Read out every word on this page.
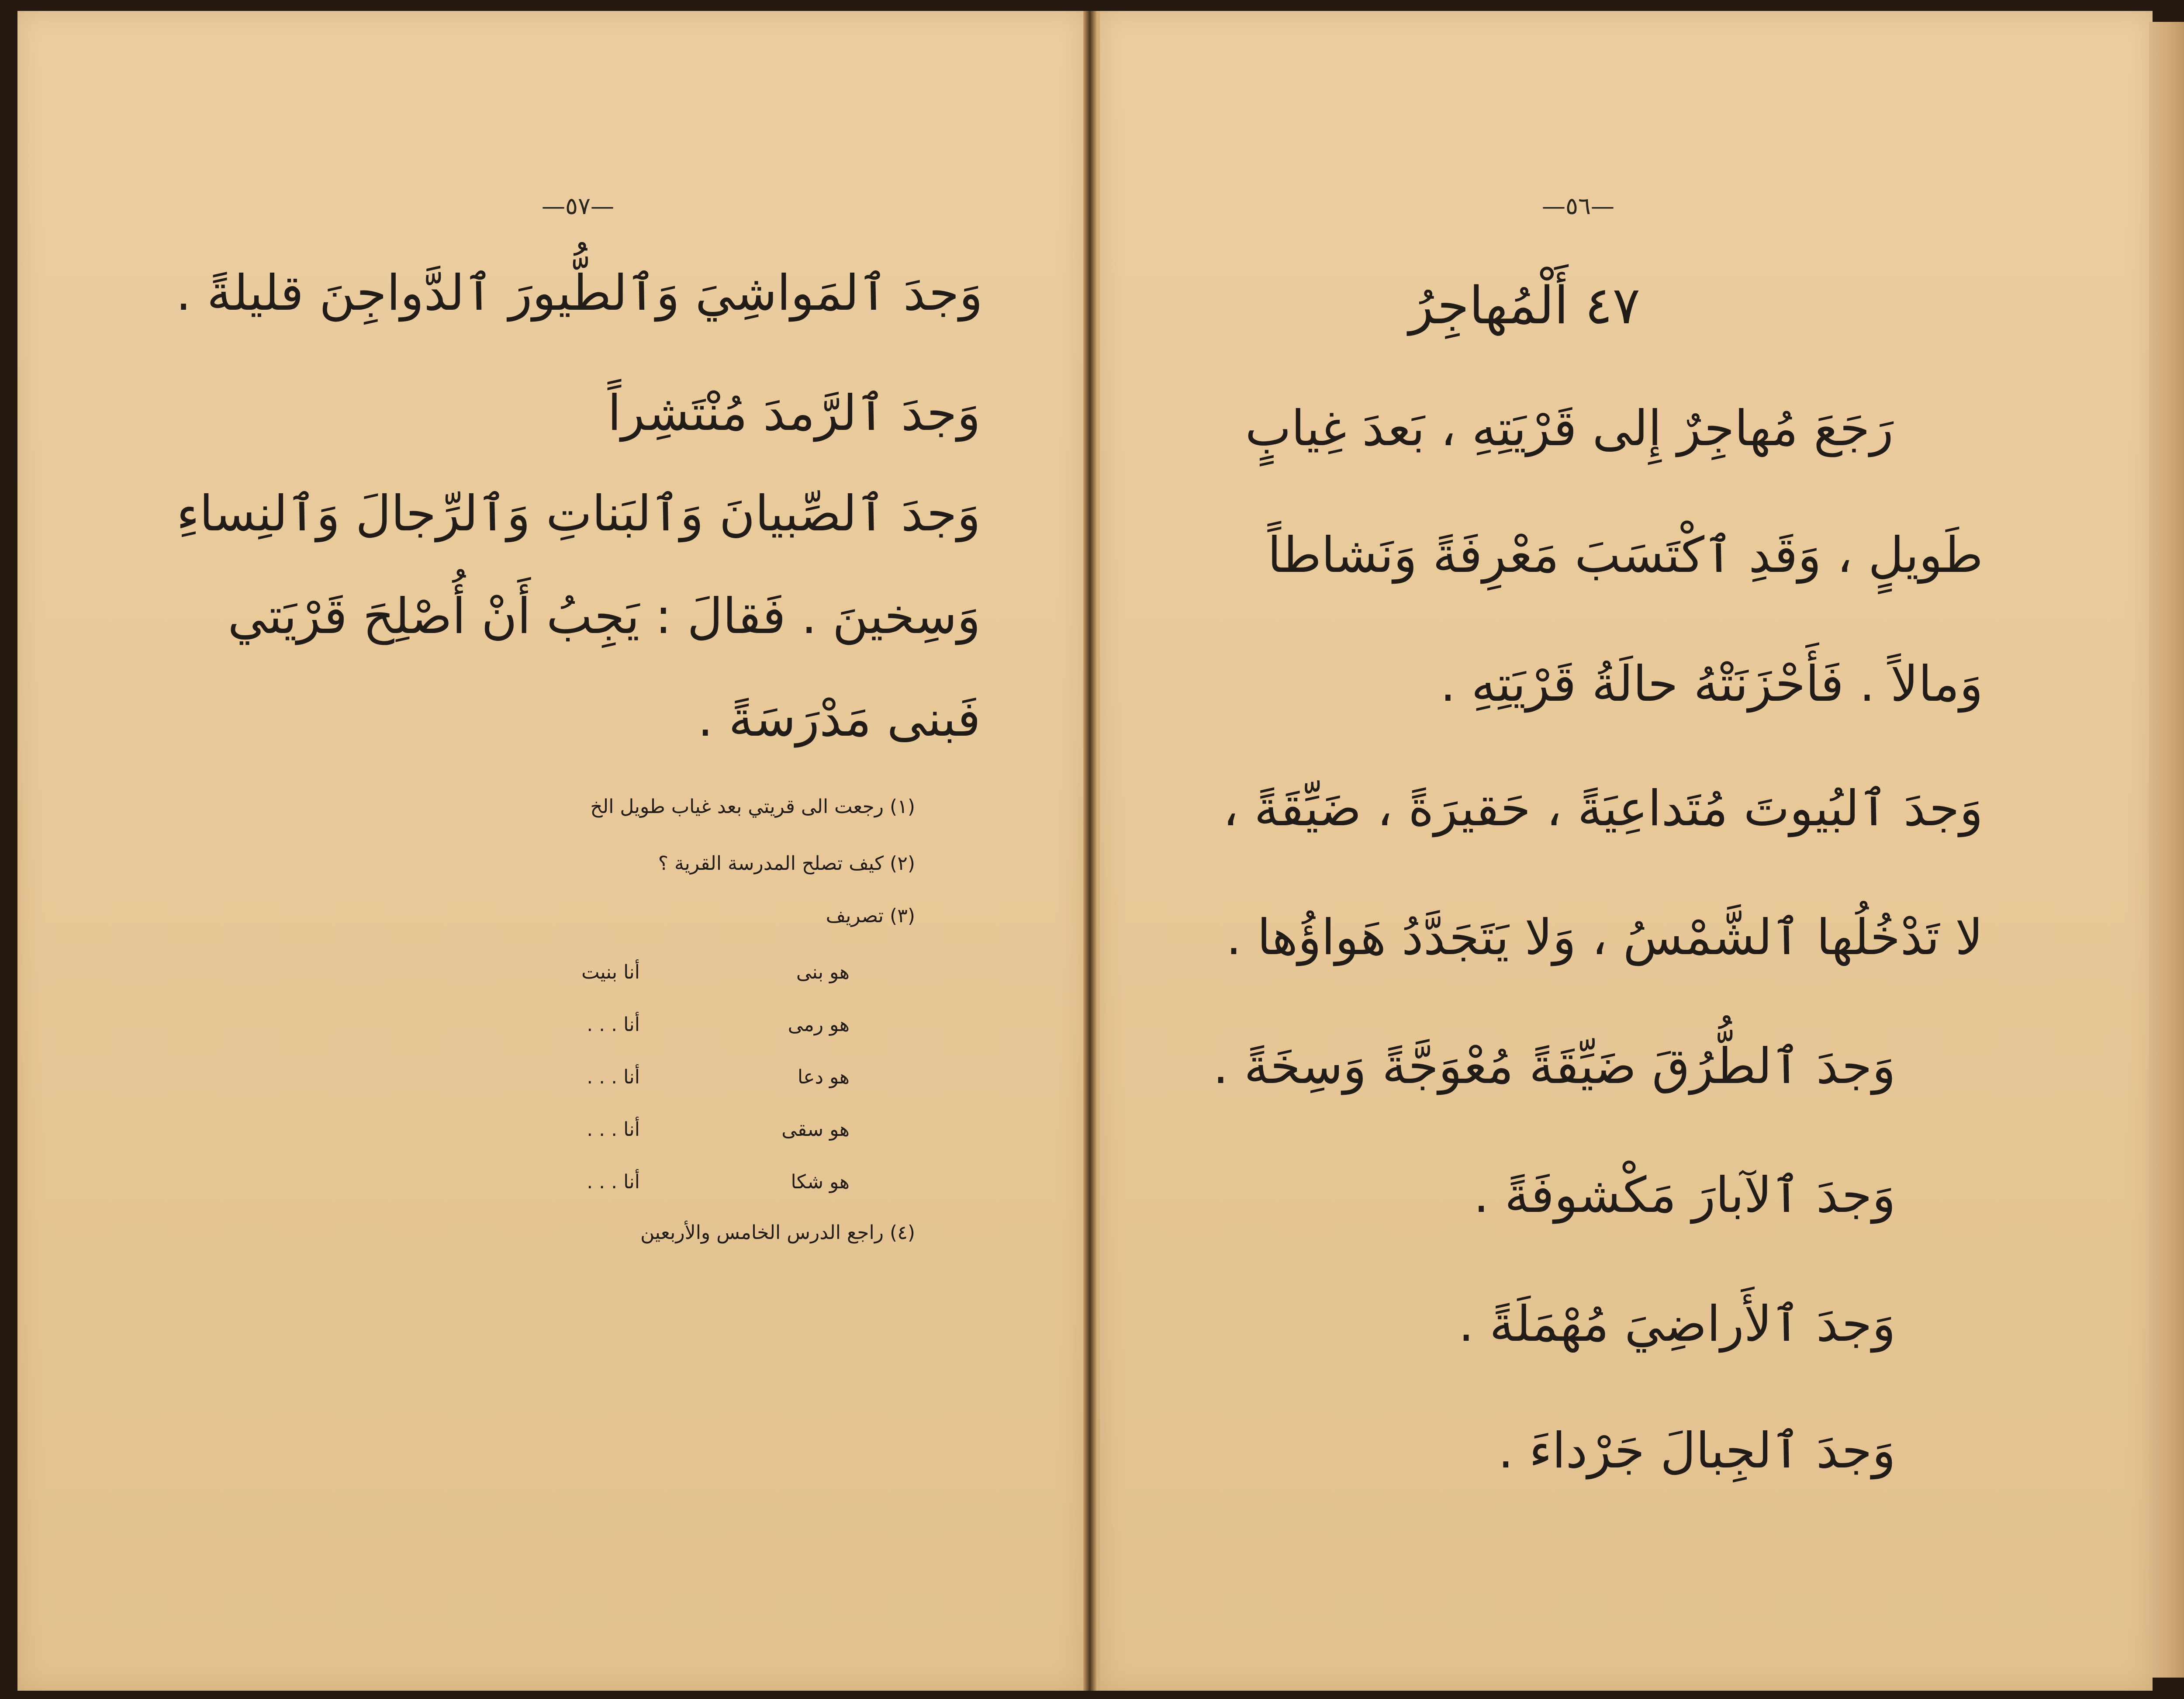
—٥٧—
وَجدَ ٱلمَواشِيَ وَٱلطُّيورَ ٱلدَّواجِنَ قليلةً .
وَجدَ ٱلرَّمدَ مُنْتَشِراً
وَجدَ ٱلصِّبيانَ وَٱلبَناتِ وَٱلرِّجالَ وَٱلنِساءِ
وَسِخينَ . فَقالَ : يَجِبُ أَنْ أُصْلِحَ قَرْيَتي
فَبنى مَدْرَسَةً .
(١) رجعت الى قريتي بعد غياب طويل الخ
(٢) كيف تصلح المدرسة القرية ؟
(٣) تصريف
هو بنى
أنا بنيت
هو رمى
أنا . . .
هو دعا
أنا . . .
هو سقى
أنا . . .
هو شكا
أنا . . .
(٤) راجع الدرس الخامس والأربعين
—٥٦—
٤٧ أَلْمُهاجِرُ
رَجَعَ مُهاجِرٌ إِلى قَرْيَتِهِ ، بَعدَ غِيابٍ
طَويلٍ ، وَقَدِ ٱكْتَسَبَ مَعْرِفَةً وَنَشاطاً
وَمالاً . فَأَحْزَنَتْهُ حالَةُ قَرْيَتِهِ .
وَجدَ ٱلبُيوتَ مُتَداعِيَةً ، حَقيرَةً ، ضَيِّقَةً ،
لا تَدْخُلُها ٱلشَّمْسُ ، وَلا يَتَجَدَّدُ هَواؤُها .
وَجدَ ٱلطُّرُقَ ضَيِّقَةً مُعْوَجَّةً وَسِخَةً .
وَجدَ ٱلآبارَ مَكْشوفَةً .
وَجدَ ٱلأَراضِيَ مُهْمَلَةً .
وَجدَ ٱلجِبالَ جَرْداءَ .
